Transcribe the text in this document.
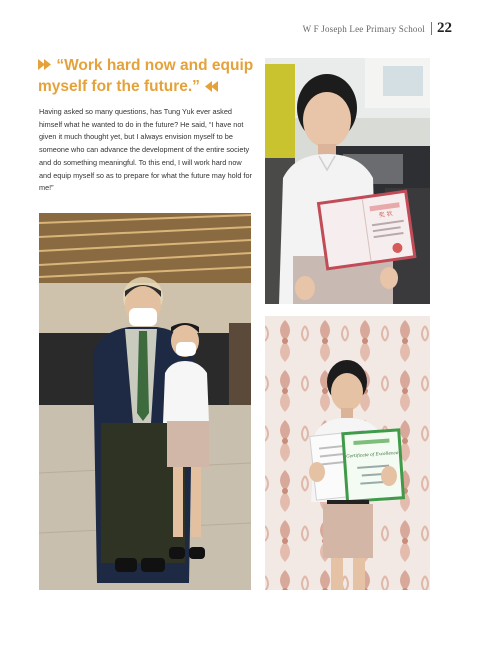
W F Joseph Lee Primary School 22
“Work hard now and equip myself for the future.”

Having asked so many questions, has Tung Yuk ever asked himself what he wanted to do in the future? He said, “I have not given it much thought yet, but I always envision myself to be someone who can advance the development of the entire society and do something meaningful. To this end, I will work hard now and equip myself so as to prepare for what the future may hold for me!”

奖 状
Certificate of Excellence
